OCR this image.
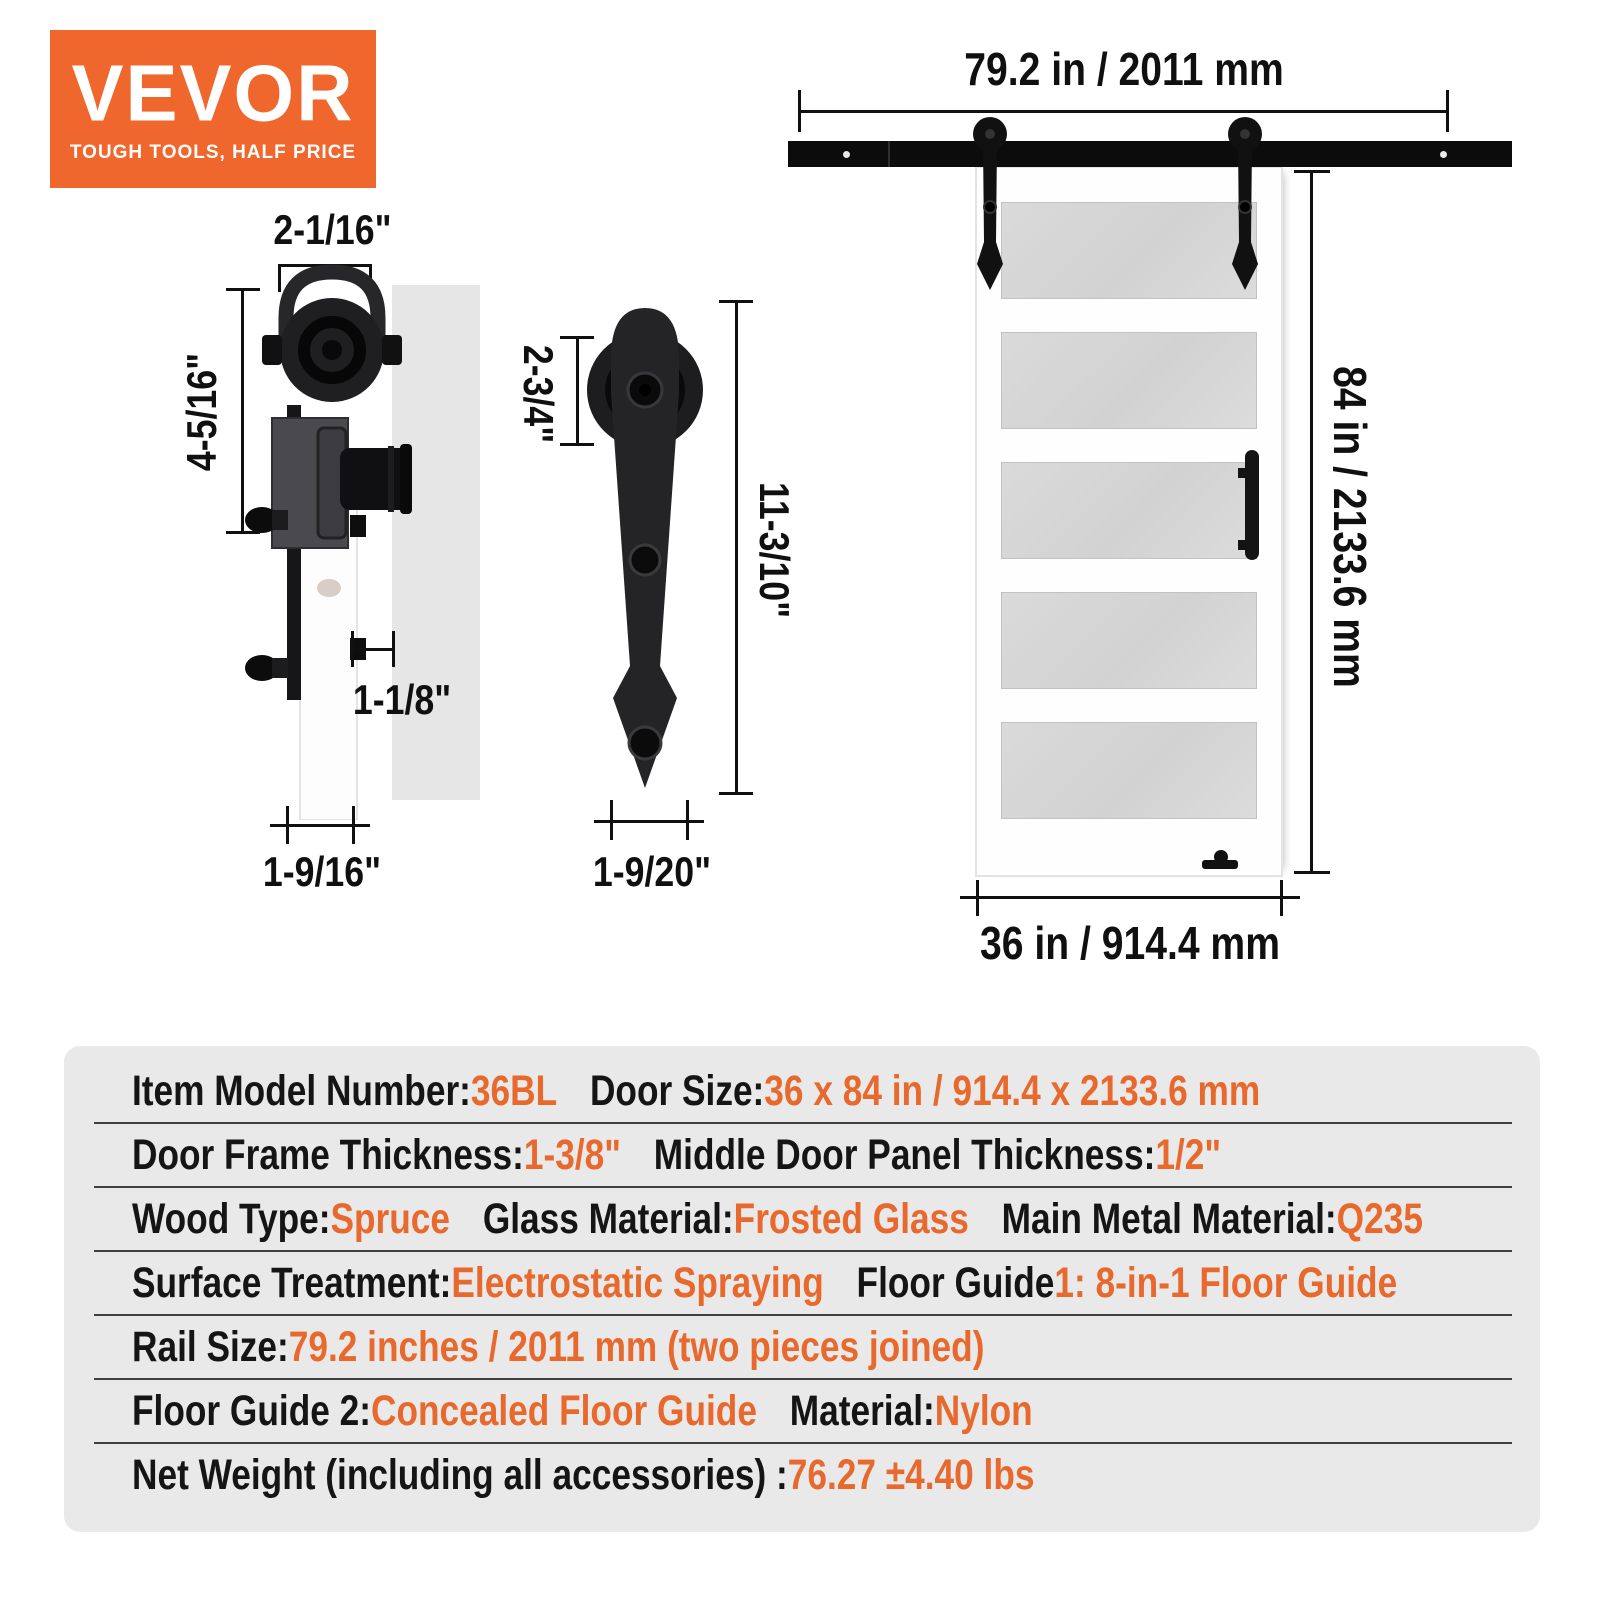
VEVOR
TOUGH TOOLS, HALF PRICE
2-1/16"
4-5/16"
1-1/8"
1-9/16"
2-3/4"
11-3/10"
1-9/20"
79.2 in / 2011 mm
84 in / 2133.6 mm
36 in / 914.4 mm
Item Model Number: 36BL Door Size: 36 x 84 in / 914.4 x 2133.6 mm
Door Frame Thickness: 1-3/8" Middle Door Panel Thickness: 1/2"
Wood Type: Spruce Glass Material: Frosted Glass Main Metal Material: Q235
Surface Treatment: Electrostatic Spraying Floor Guide 1: 8-in-1 Floor Guide
Rail Size: 79.2 inches / 2011 mm (two pieces joined)
Floor Guide 2: Concealed Floor Guide Material: Nylon
Net Weight (including all accessories) : 76.27 ±4.40 lbs
